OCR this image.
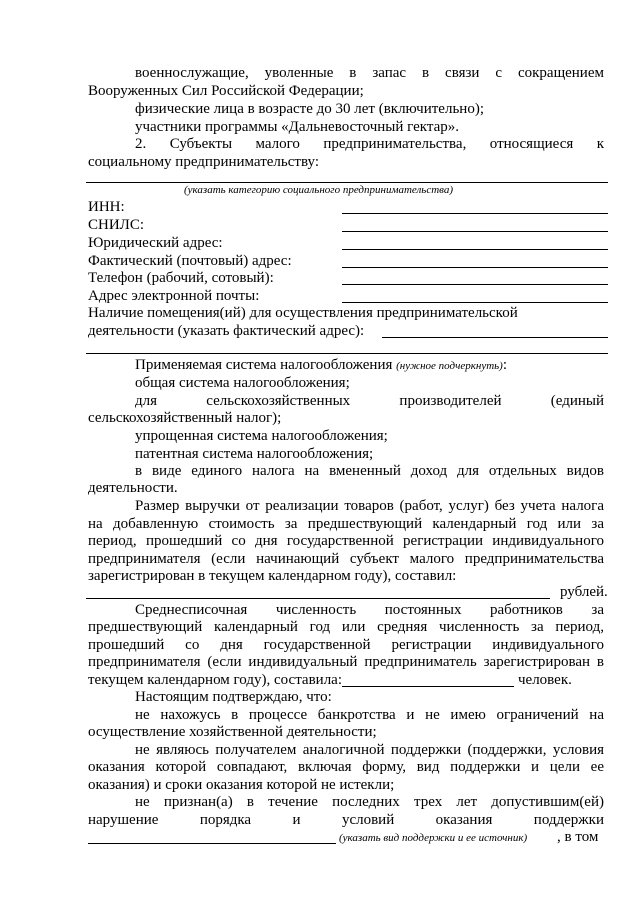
военнослужащие, уволенные в запас в связи с сокращением
Вооруженных Сил Российской Федерации;
физические лица в возрасте до 30 лет (включительно);
участники программы «Дальневосточный гектар».
2. Субъекты малого предпринимательства, относящиеся к
социальному предпринимательству:
(указать категорию социального предпринимательства)
ИНН:
СНИЛС:
Юридический адрес:
Фактический (почтовый) адрес:
Телефон (рабочий, сотовый):
Адрес электронной почты:
Наличие помещения(ий) для осуществления предпринимательской
деятельности (указать фактический адрес):
Применяемая система налогообложения (нужное подчеркнуть):
общая система налогообложения;
для сельскохозяйственных производителей (единый
сельскохозяйственный налог);
упрощенная система налогообложения;
патентная система налогообложения;
в виде единого налога на вмененный доход для отдельных видов
деятельности.
Размер выручки от реализации товаров (работ, услуг) без учета налога
на добавленную стоимость за предшествующий календарный год или за
период, прошедший со дня государственной регистрации индивидуального
предпринимателя (если начинающий субъект малого предпринимательства
зарегистрирован в текущем календарном году), составил:
рублей.
Среднесписочная численность постоянных работников за
предшествующий календарный год или средняя численность за период,
прошедший со дня государственной регистрации индивидуального
предпринимателя (если индивидуальный предприниматель зарегистрирован в
текущем календарном году), составила:	человек.
Настоящим подтверждаю, что:
не нахожусь в процессе банкротства и не имею ограничений на
осуществление хозяйственной деятельности;
не являюсь получателем аналогичной поддержки (поддержки, условия
оказания которой совпадают, включая форму, вид поддержки и цели ее
оказания) и сроки оказания которой не истекли;
не признан(а) в течение последних трех лет допустившим(ей)
нарушение порядка и условий оказания поддержки
(указать вид поддержки и ее источник) , в том
